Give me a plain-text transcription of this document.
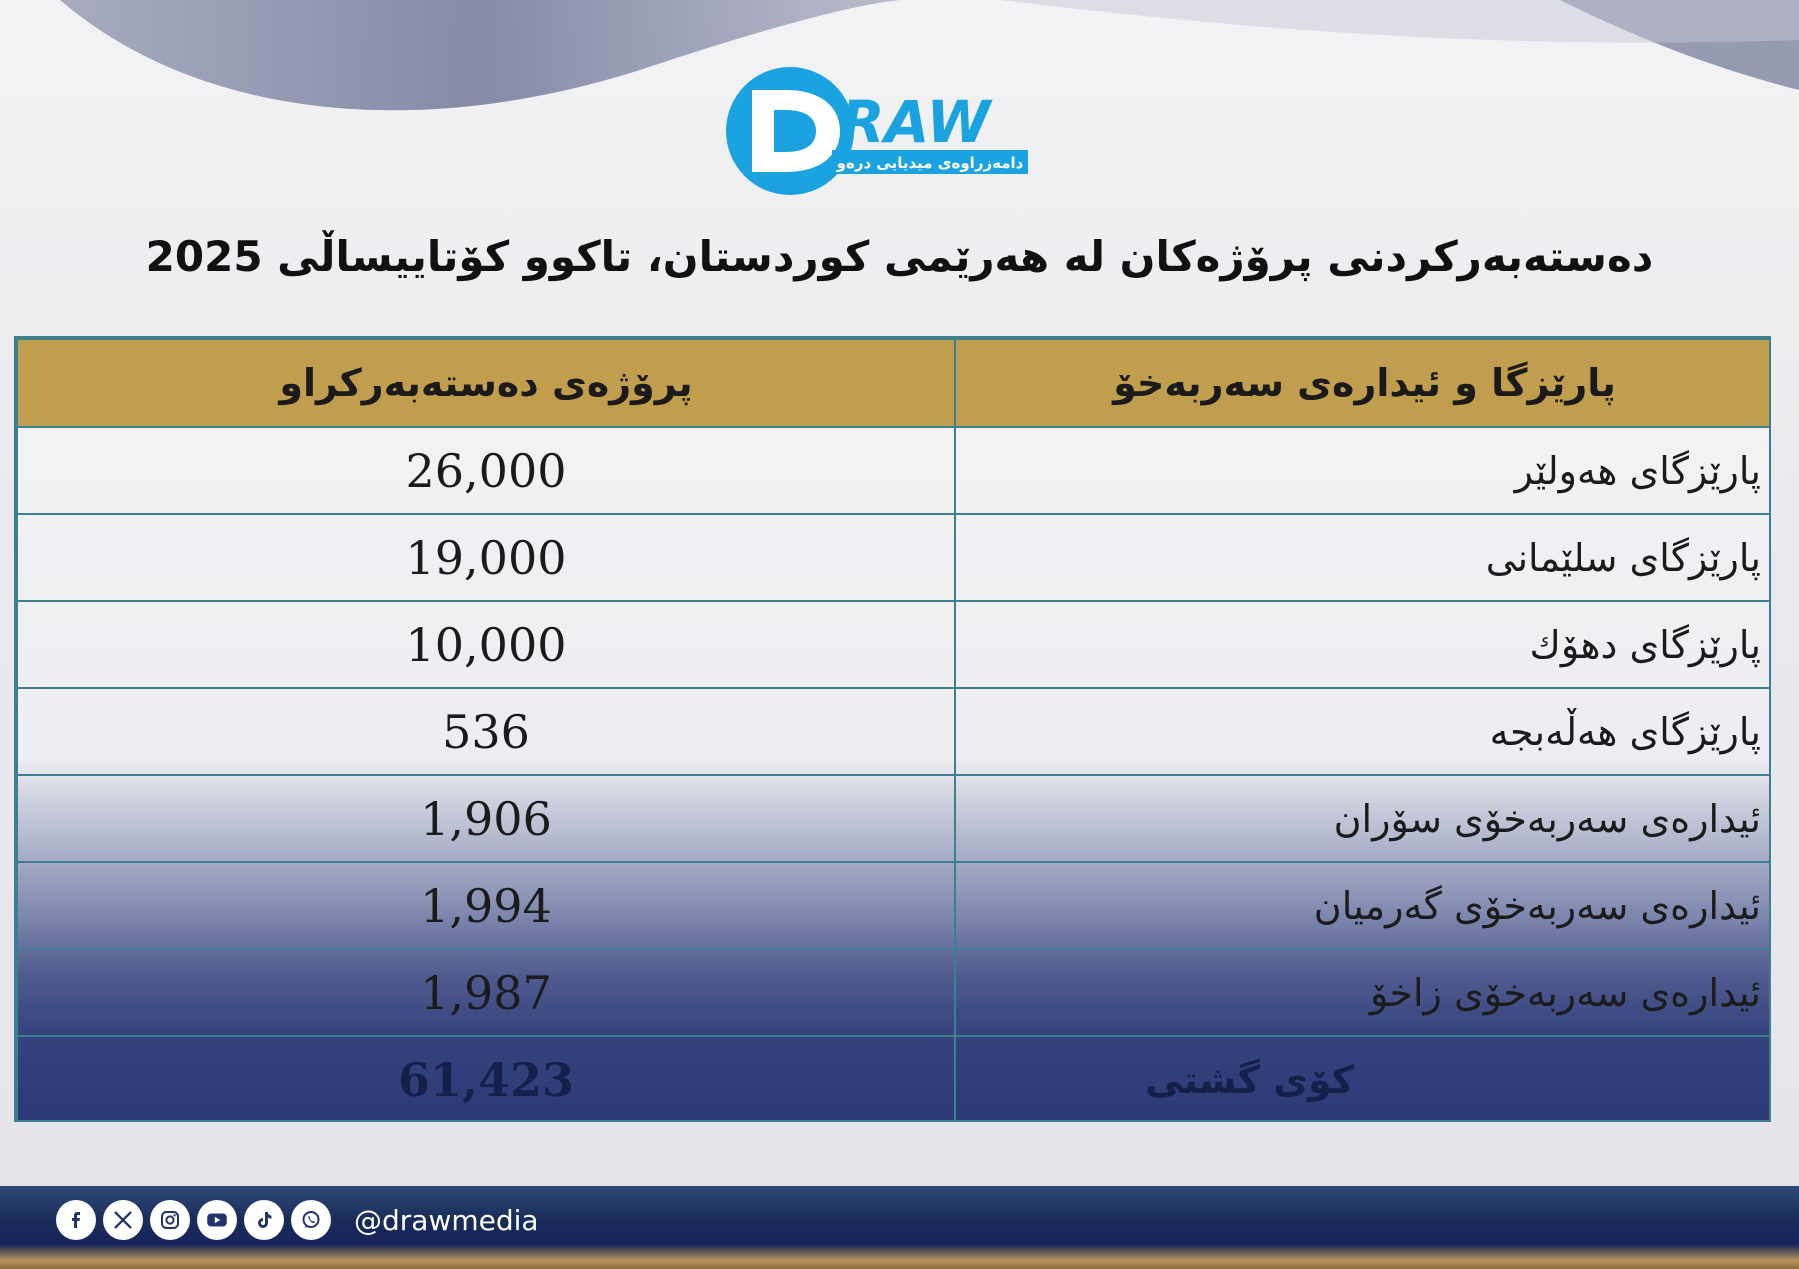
RAW
دامەزراوەی میدیایی درەو
دەستەبەرکردنی پرۆژەکان لە هەرێمی کوردستان، تاکوو کۆتاییساڵی 2025
پرۆژەی دەستەبەرکراو	پارێزگا و ئیدارەی سەربەخۆ
26,000	پارێزگای هەولێر
19,000	پارێزگای سلێمانی
10,000	پارێزگای دهۆك
536	پارێزگای هەڵەبجە
1,906	ئیدارەی سەربەخۆی سۆران
1,994	ئیدارەی سەربەخۆی گەرمیان
1,987	ئیدارەی سەربەخۆی زاخۆ
61,423	کۆی گشتی
@drawmedia
